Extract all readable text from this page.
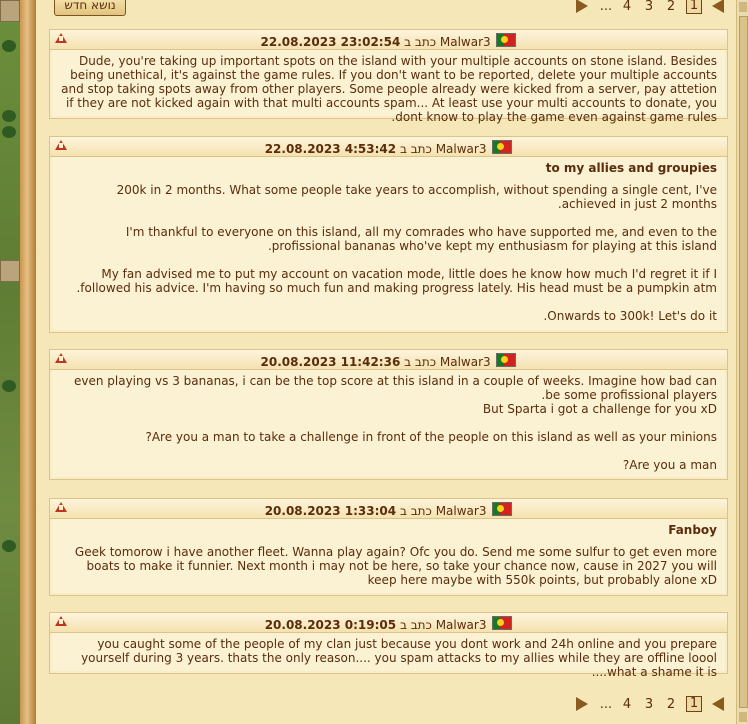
נושא חדש	... 4	3	2	1
22.08.2023 23:02:54 כתב ב Malwar3

Dude, you're taking up important spots on the island with your multiple accounts on stone island. Besides being unethical, it's against the game rules. If you don't want to be reported, delete your multiple accounts and stop taking spots away from other players. Some people already were kicked from a server, pay attetion if they are not kicked again with that multi accounts spam... At least use your multi accounts to donate, you dont know to play the game even against game rules.

22.08.2023 4:53:42 כתב ב Malwar3
to my allies and groupies

200k in 2 months. What some people take years to accomplish, without spending a single cent, I've achieved in just 2 months.

I'm thankful to everyone on this island, all my comrades who have supported me, and even to the profissional bananas who've kept my enthusiasm for playing at this island.

My fan advised me to put my account on vacation mode, little does he know how much I'd regret it if I followed his advice. I'm having so much fun and making progress lately. His head must be a pumpkin atm.

Onwards to 300k! Let's do it.

20.08.2023 11:42:36 כתב ב Malwar3

even playing vs 3 bananas, i can be the top score at this island in a couple of weeks. Imagine how bad can be some profissional players.

But Sparta i got a challenge for you xD

Are you a man to take a challenge in front of the people on this island as well as your minions?

Are you a man?

20.08.2023 1:33:04 כתב ב Malwar3
Fanboy

Geek tomorow i have another fleet. Wanna play again? Ofc you do. Send me some sulfur to get even more boats to make it funnier. Next month i may not be here, so take your chance now, cause in 2027 you will keep here maybe with 550k points, but probably alone xD

20.08.2023 0:19:05 כתב ב Malwar3

you caught some of the people of my clan just because you dont work and 24h online and you prepare yourself during 3 years. thats the only reason.... you spam attacks to my allies while they are offline loool what a shame it is....

... 4	3	2	1
